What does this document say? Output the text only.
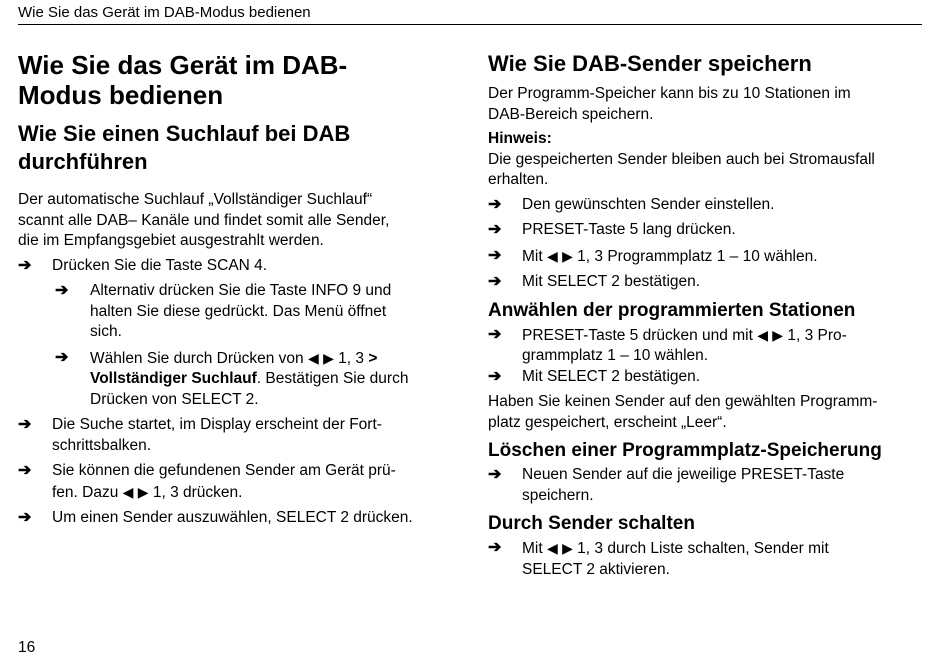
Wie Sie das Gerät im DAB-Modus bedienen
Wie Sie das Gerät im DAB-
Modus bedienen
Wie Sie einen Suchlauf bei DAB
durchführen

Der automatische Suchlauf „Vollständiger Suchlauf“
scannt alle DAB– Kanäle und findet somit alle Sender,
die im Empfangsgebiet ausgestrahlt werden.

➔ Drücken Sie die Taste SCAN 4.
➔ Alternativ drücken Sie die Taste INFO 9 und
halten Sie diese gedrückt. Das Menü öffnet
sich.
➔ Wählen Sie durch Drücken von ◀ ▶ 1, 3 >
Vollständiger Suchlauf. Bestätigen Sie durch
Drücken von SELECT 2.
➔ Die Suche startet, im Display erscheint der Fort-
schrittsbalken.
➔ Sie können die gefundenen Sender am Gerät prü-
fen. Dazu ◀ ▶ 1, 3 drücken.
➔ Um einen Sender auszuwählen, SELECT 2 drücken.
Wie Sie DAB-Sender speichern

Der Programm-Speicher kann bis zu 10 Stationen im
DAB-Bereich speichern.

Hinweis:

Die gespeicherten Sender bleiben auch bei Stromausfall
erhalten.

➔ Den gewünschten Sender einstellen.
➔ PRESET-Taste 5 lang drücken.
➔ Mit ◀ ▶ 1, 3 Programmplatz 1 – 10 wählen.
➔ Mit SELECT 2 bestätigen.
Anwählen der programmierten Stationen
➔ PRESET-Taste 5 drücken und mit ◀ ▶ 1, 3 Pro-
grammplatz 1 – 10 wählen.
➔ Mit SELECT 2 bestätigen.

Haben Sie keinen Sender auf den gewählten Programm-
platz gespeichert, erscheint „Leer“.

Löschen einer Programmplatz-Speicherung
➔ Neuen Sender auf die jeweilige PRESET-Taste
speichern.
Durch Sender schalten
➔ Mit ◀ ▶ 1, 3 durch Liste schalten, Sender mit
SELECT 2 aktivieren.
16
